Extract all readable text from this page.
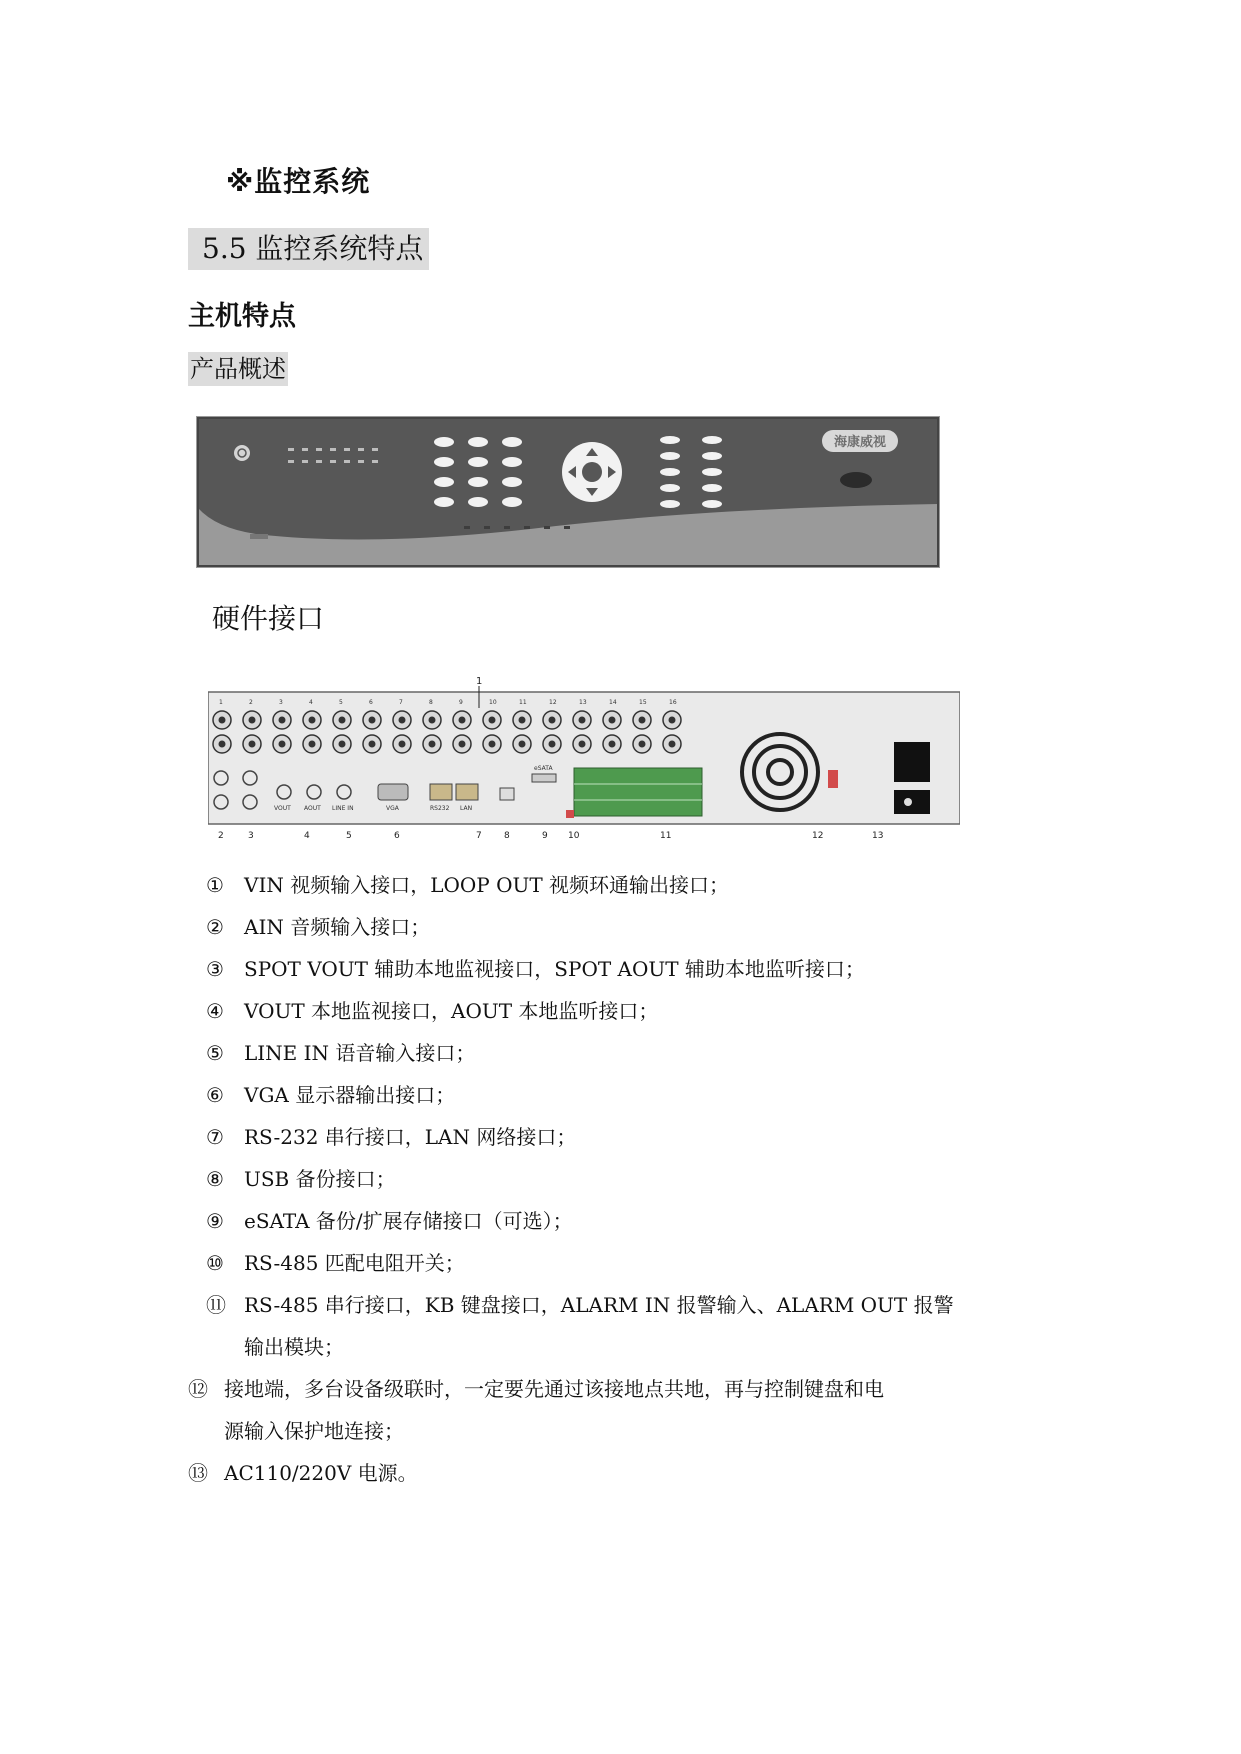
※监控系统
5.5 监控系统特点
主机特点
产品概述
海康威视
硬件接口
1
1	2	3	4	5	6	7	8	9	10	11	12	13	14	15	16
2	3	4	5	6	7 8	9 10	11	12	13
VOUT AOUT LINE IN	VGA	RS232 LAN
eSATA
①	VIN 视频输入接口，LOOP OUT 视频环通输出接口；
②	AIN 音频输入接口；
③	SPOT VOUT 辅助本地监视接口，SPOT AOUT 辅助本地监听接口；
④	VOUT 本地监视接口，AOUT 本地监听接口；
⑤	LINE IN 语音输入接口；
⑥	VGA 显示器输出接口；
⑦	RS-232 串行接口，LAN 网络接口；
⑧	USB 备份接口；
⑨	eSATA 备份/扩展存储接口（可选）；
⑩	RS-485 匹配电阻开关；
⑪ RS-485 串行接口，KB 键盘接口，ALARM IN 报警输入、ALARM OUT 报警
输出模块；
⑫ 接地端，多台设备级联时，一定要先通过该接地点共地，再与控制键盘和电
源输入保护地连接；
⑬ AC110/220V 电源。
